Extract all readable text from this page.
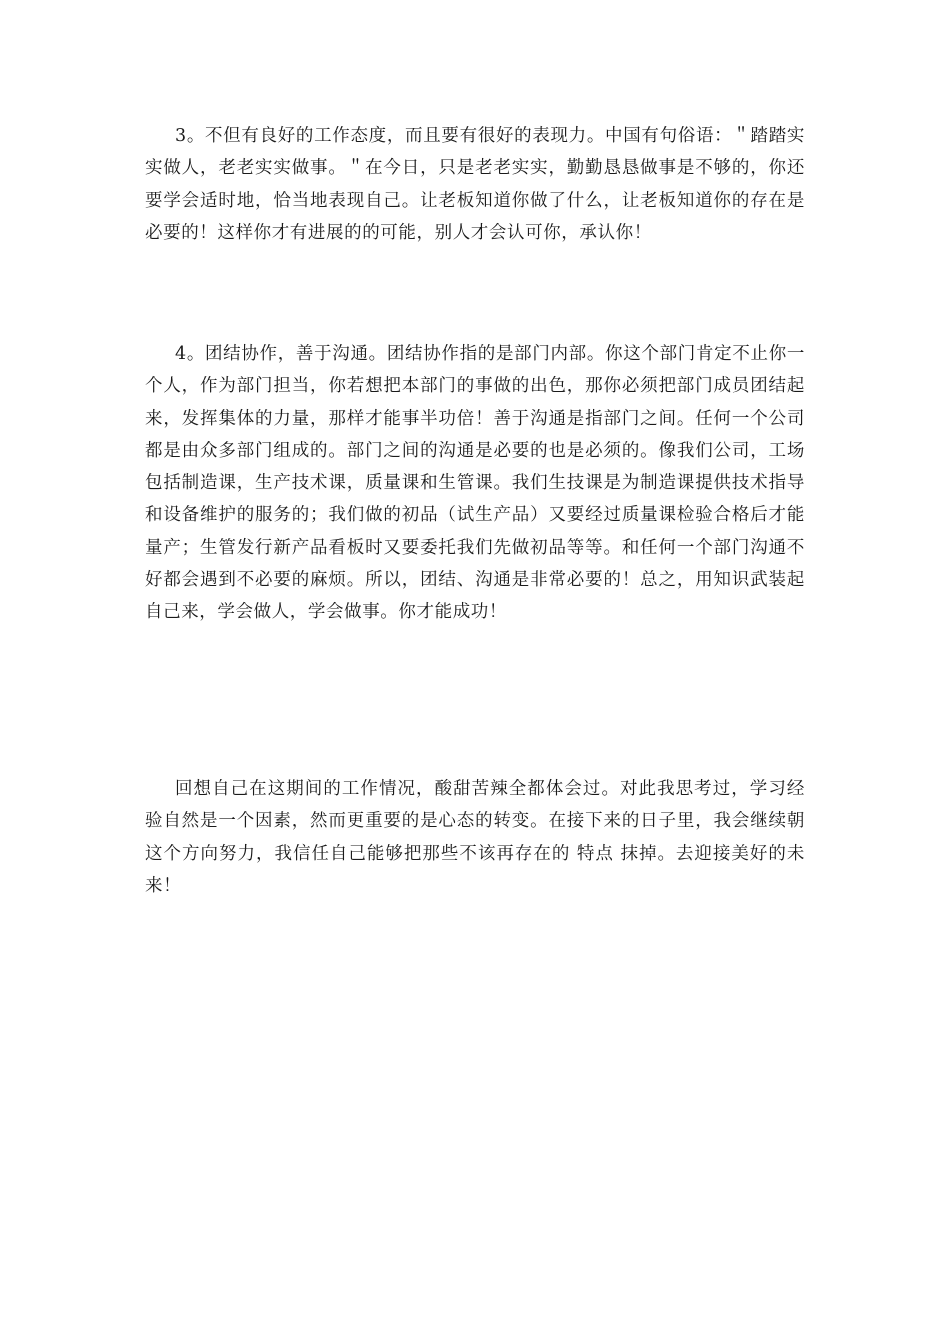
3。不但有良好的工作态度，而且要有很好的表现力。中国有句俗语：＂踏踏实实做人，老老实实做事。＂在今日，只是老老实实，勤勤恳恳做事是不够的，你还要学会适时地，恰当地表现自己。让老板知道你做了什么，让老板知道你的存在是必要的！这样你才有进展的的可能，别人才会认可你，承认你！

4。团结协作，善于沟通。团结协作指的是部门内部。你这个部门肯定不止你一个人，作为部门担当，你若想把本部门的事做的出色，那你必须把部门成员团结起来，发挥集体的力量，那样才能事半功倍！善于沟通是指部门之间。任何一个公司都是由众多部门组成的。部门之间的沟通是必要的也是必须的。像我们公司，工场包括制造课，生产技术课，质量课和生管课。我们生技课是为制造课提供技术指导和设备维护的服务的；我们做的初品（试生产品）又要经过质量课检验合格后才能量产；生管发行新产品看板时又要委托我们先做初品等等。和任何一个部门沟通不好都会遇到不必要的麻烦。所以，团结、沟通是非常必要的！总之，用知识武装起自己来，学会做人，学会做事。你才能成功！

回想自己在这期间的工作情况，酸甜苦辣全都体会过。对此我思考过，学习经验自然是一个因素，然而更重要的是心态的转变。在接下来的日子里，我会继续朝这个方向努力，我信任自己能够把那些不该再存在的 特点 抹掉。去迎接美好的未来！
